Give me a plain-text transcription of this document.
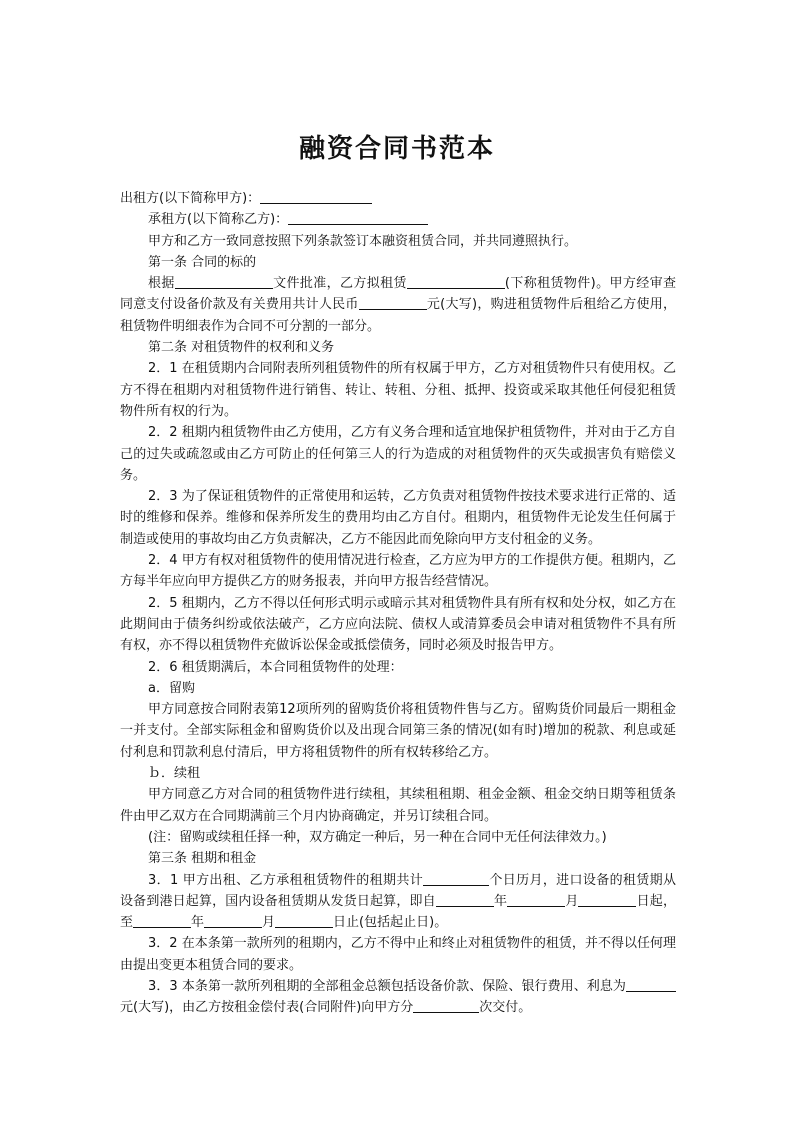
融资合同书范本

出租方(以下简称甲方)：

承租方(以下简称乙方)：

甲方和乙方一致同意按照下列条款签订本融资租赁合同，并共同遵照执行。

第一条 合同的标的

根据	文件批准，乙方拟租赁	(下称租赁物件)。甲方经审查同意支付设备价款及有关费用共计人民币	元(大写)，购进租赁物件后租给乙方使用，租赁物件明细表作为合同不可分割的一部分。

第二条 对租赁物件的权利和义务

2．1 在租赁期内合同附表所列租赁物件的所有权属于甲方，乙方对租赁物件只有使用权。乙方不得在租期内对租赁物件进行销售、转让、转租、分租、抵押、投资或采取其他任何侵犯租赁物件所有权的行为。

2．2 租期内租赁物件由乙方使用，乙方有义务合理和适宜地保护租赁物件，并对由于乙方自己的过失或疏忽或由乙方可防止的任何第三人的行为造成的对租赁物件的灭失或损害负有赔偿义务。

2．3 为了保证租赁物件的正常使用和运转，乙方负责对租赁物件按技术要求进行正常的、适时的维修和保养。维修和保养所发生的费用均由乙方自付。租期内，租赁物件无论发生任何属于制造或使用的事故均由乙方负责解决，乙方不能因此而免除向甲方支付租金的义务。

2．4 甲方有权对租赁物件的使用情况进行检查，乙方应为甲方的工作提供方便。租期内，乙方每半年应向甲方提供乙方的财务报表，并向甲方报告经营情况。

2．5 租期内，乙方不得以任何形式明示或暗示其对租赁物件具有所有权和处分权，如乙方在此期间由于债务纠纷或依法破产，乙方应向法院、债权人或清算委员会申请对租赁物件不具有所有权，亦不得以租赁物件充做诉讼保金或抵偿债务，同时必须及时报告甲方。

2．6 租赁期满后，本合同租赁物件的处理：

a．留购

甲方同意按合同附表第12项所列的留购货价将租赁物件售与乙方。留购货价同最后一期租金一并支付。全部实际租金和留购货价以及出现合同第三条的情况(如有时)增加的税款、利息或延付利息和罚款利息付清后，甲方将租赁物件的所有权转移给乙方。

ｂ．续租

甲方同意乙方对合同的租赁物件进行续租，其续租租期、租金金额、租金交纳日期等租赁条件由甲乙双方在合同期满前三个月内协商确定，并另订续租合同。

(注：留购或续租任择一种，双方确定一种后，另一种在合同中无任何法律效力。)

第三条 租期和租金

3．1 甲方出租、乙方承租租赁物件的租期共计	个日历月，进口设备的租赁期从设备到港日起算，国内设备租赁期从发货日起算，即自	年	月	日起，至	年	月	日止(包括起止日)。

3．2 在本条第一款所列的租期内，乙方不得中止和终止对租赁物件的租赁，并不得以任何理由提出变更本租赁合同的要求。

3．3 本条第一款所列租期的全部租金总额包括设备价款、保险、银行费用、利息为元(大写)，由乙方按租金偿付表(合同附件)向甲方分	次交付。
